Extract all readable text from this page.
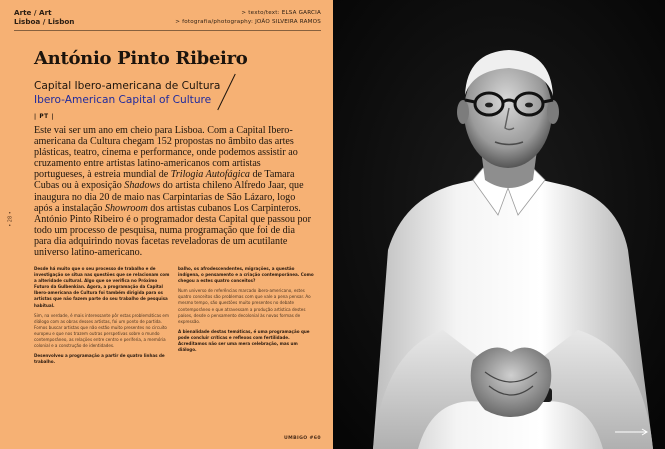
Arte / Art
Lisboa / Lisbon
> texto/text: ELSA GARCIA
> fotografia/photography: JOÃO SILVEIRA RAMOS
António Pinto Ribeiro
Capital Ibero-americana de Cultura
Ibero-American Capital of Culture
| PT |

Este vai ser um ano em cheio para Lisboa. Com a Capital Ibero-americana da Cultura chegam 152 propostas no âmbito das artes plásticas, teatro, cinema e performance, onde podemos assistir ao cruzamento entre artistas latino-americanos com artistas portugueses, à estreia mundial de Trilogia Autofágica de Tamara Cubas ou à exposição Shadows do artista chileno Alfredo Jaar, que inaugura no dia 20 de maio nas Carpintarias de São Lázaro, logo após a instalação Showroom dos artistas cubanos Los Carpinteros. António Pinto Ribeiro é o programador desta Capital que passou por todo um processo de pesquisa, numa programação que foi de dia para dia adquirindo novas facetas reveladoras de um acutilante universo latino-americano.

• 28 •

Desde há muito que o seu processo de trabalho e de investigação se situa nas questões que se relacionam com a alteridade cultural. Algo que se verifica no Próximo Futuro da Gulbenkian. Agora, a programação da Capital Ibero-americana de Cultura foi também dirigida para os artistas que não fazem parte do seu trabalho de pesquisa habitual.

Sim, na verdade, é mais interessante pôr estas problemáticas em diálogo com as obras desses artistas, foi um ponto de partida. Fomos buscar artistas que não estão muito presentes no circuito europeu e que nos trazem outras perspetivas sobre o mundo contemporâneo, as relações entre centro e periferia, a memória colonial e a construção de identidades.

Desenvolveu a programação a partir de quatro linhas de trabalho.

balho, os afrodescendentes, migrações, a questão indígena, o pensamento e a criação contemporânea. Como chegou a estes quatro conceitos?

Num universo de referências marcado ibero-americano, estes quatro conceitos são problemas com que vale a pena pensar. Ao mesmo tempo, são questões muito presentes no debate contemporâneo e que atravessam a produção artística destes países, desde o pensamento decolonial às novas formas de expressão.

A bienalidade destas temáticas, é uma programação que pode concluir críticas e reflexos com fertilidade. Acreditamos não ser uma mera celebração, mas um diálogo.

UMBIGO #60
